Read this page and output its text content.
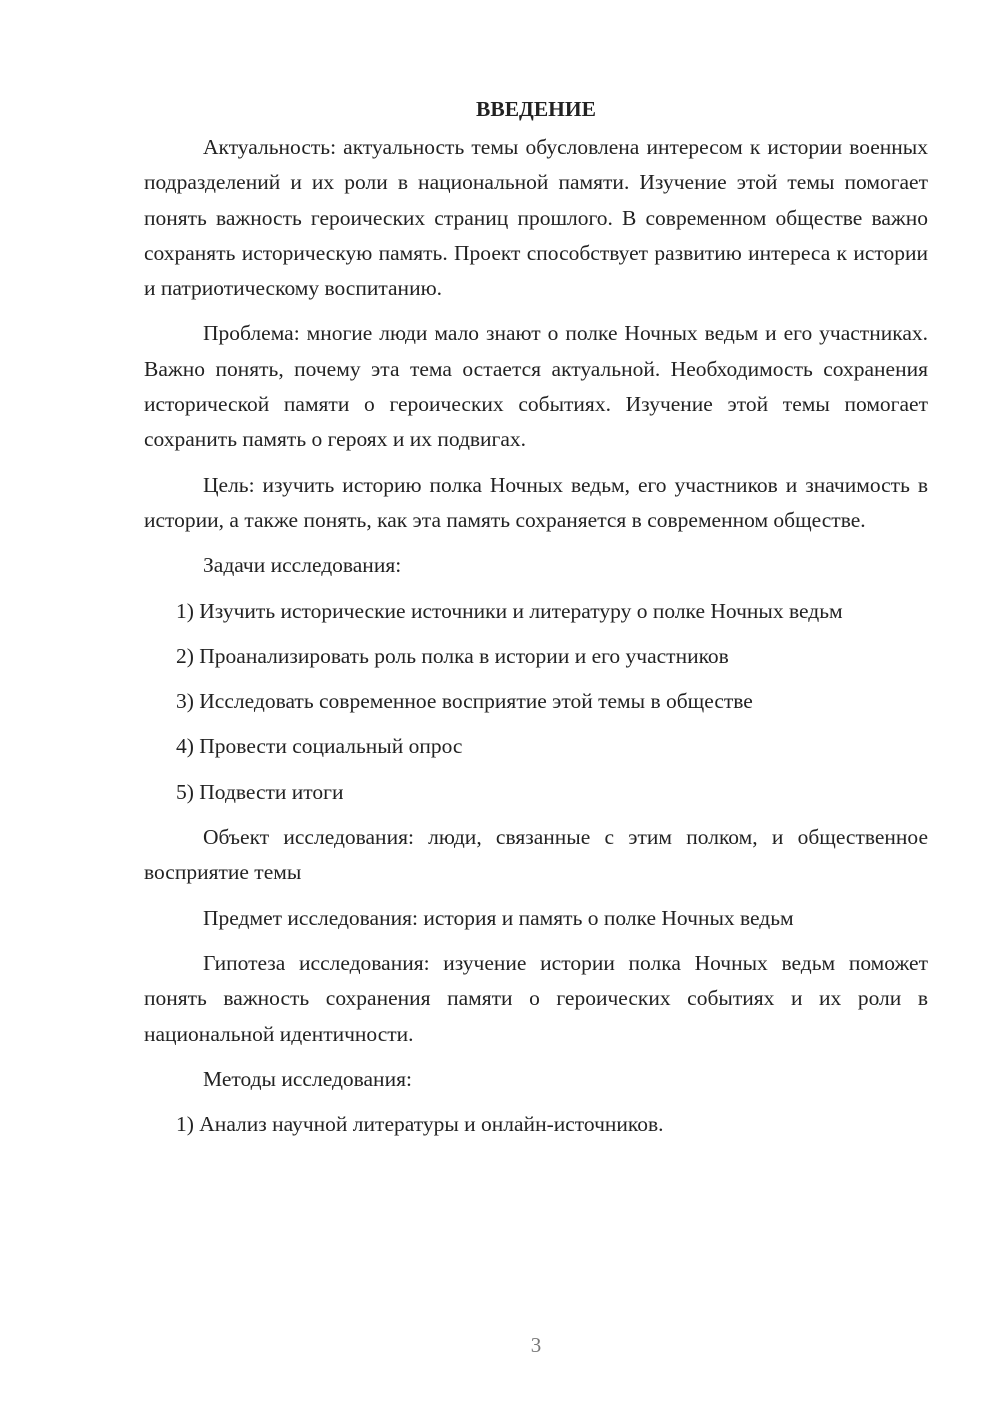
ВВЕДЕНИЕ

Актуальность: актуальность темы обусловлена интересом к истории военных подразделений и их роли в национальной памяти. Изучение этой темы помогает понять важность героических страниц прошлого. В современном обществе важно сохранять историческую память. Проект способствует развитию интереса к истории и патриотическому воспитанию.

Проблема: многие люди мало знают о полке Ночных ведьм и его участниках. Важно понять, почему эта тема остается актуальной. Необходимость сохранения исторической памяти о героических событиях. Изучение этой темы помогает сохранить память о героях и их подвигах.

Цель: изучить историю полка Ночных ведьм, его участников и значимость в истории, а также понять, как эта память сохраняется в современном обществе.

Задачи исследования:

1) Изучить исторические источники и литературу о полке Ночных ведьм

2) Проанализировать роль полка в истории и его участников

3) Исследовать современное восприятие этой темы в обществе

4) Провести социальный опрос

5) Подвести итоги

Объект исследования: люди, связанные с этим полком, и общественное восприятие темы

Предмет исследования: история и память о полке Ночных ведьм

Гипотеза исследования: изучение истории полка Ночных ведьм поможет понять важность сохранения памяти о героических событиях и их роли в национальной идентичности.

Методы исследования:

1) Анализ научной литературы и онлайн-источников.

3
